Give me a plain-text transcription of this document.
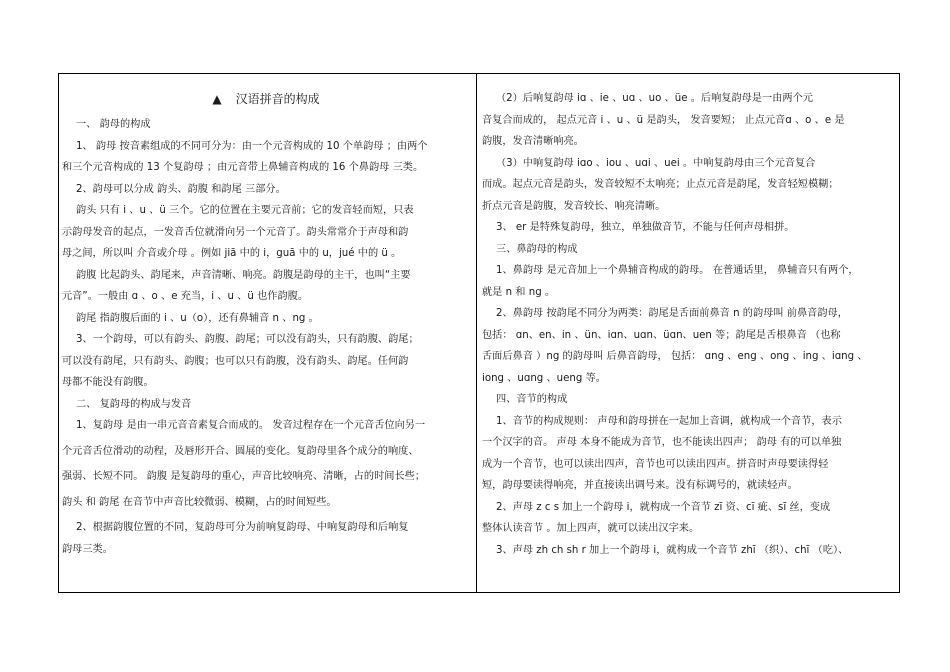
▲ 汉语拼音的构成
一、 韵母的构成
1、 韵母 按音素组成的不同可分为：由一个元音构成的 10 个单韵母 ；由两个
和三个元音构成的 13 个复韵母 ；由元音带上鼻辅音构成的 16 个鼻韵母 三类。
2、韵母可以分成 韵头、韵腹 和韵尾 三部分。
韵头 只有 i 、u 、ü 三个。它的位置在主要元音前；它的发音轻而短，只表
示韵母发音的起点，一发音舌位就滑向另一个元音了。韵头常常介于声母和韵
母之间，所以叫 介音或介母 。例如 jiā 中的 i，guā 中的 u，jué 中的 ü 。
韵腹 比起韵头、韵尾来，声音清晰、响亮。韵腹是韵母的主干，也叫“主要
元音”。一般由 ɑ 、o 、e 充当，i 、u 、ü 也作韵腹。
韵尾 指韵腹后面的 i 、u（o），还有鼻辅音 n 、ng 。
3、一个韵母，可以有韵头、韵腹、韵尾；可以没有韵头，只有韵腹、韵尾；
可以没有韵尾，只有韵头、韵腹；也可以只有韵腹，没有韵头、韵尾。任何韵
母都不能没有韵腹。
二、 复韵母的构成与发音
1、复韵母 是由一串元音音素复合而成的。 发音过程存在一个元音舌位向另一
个元音舌位滑动的动程，及唇形开合、圆展的变化。复韵母里各个成分的响度、
强弱、长短不同。 韵腹 是复韵母的重心，声音比较响亮、清晰，占的时间长些；
韵头 和 韵尾 在音节中声音比较微弱、模糊，占的时间短些。
2、根据韵腹位置的不同，复韵母可分为前响复韵母、中响复韵母和后响复
韵母三类。
（2）后响复韵母 iɑ 、ie 、uɑ 、uo 、üe 。后响复韵母是一由两个元
音复合而成的， 起点元音 i 、u 、ü 是韵头， 发音要短； 止点元音ɑ 、o 、e 是
韵腹，发音清晰响亮。
（3）中响复韵母 iɑo 、iou 、uɑi 、uei 。中响复韵母由三个元音复合
而成。起点元音是韵头，发音较短不太响亮；止点元音是韵尾，发音轻短模糊；
折点元音是韵腹，发音较长、响亮清晰。
3、 er 是特殊复韵母，独立，单独做音节，不能与任何声母相拼。
三、鼻韵母的构成
1、鼻韵母 是元音加上一个鼻辅音构成的韵母。 在普通话里， 鼻辅音只有两个，
就是 n 和 ng 。
2、鼻韵母 按韵尾不同分为两类：韵尾是舌面前鼻音 n 的韵母叫 前鼻音韵母，
包括： ɑn、en、in 、ün、iɑn、uɑn、üɑn、uen 等；韵尾是舌根鼻音 （也称
舌面后鼻音 ）ng 的韵母叫 后鼻音韵母， 包括： ɑng 、eng 、ong 、ing 、iɑng 、
iong 、uɑng 、ueng 等。
四、音节的构成
1、音节的构成规则： 声母和韵母拼在一起加上音调，就构成一个音节，表示
一个汉字的音。 声母 本身不能成为音节，也不能读出四声； 韵母 有的可以单独
成为一个音节，也可以读出四声，音节也可以读出四声。拼音时声母要读得轻
短，韵母要读得响亮，并直接读出调号来。没有标调号的，就读轻声。
2、声母 z c s 加上一个韵母 i，就构成一个音节 zī 资、cī 疵、sī 丝，变成
整体认读音节 。加上四声，就可以读出汉字来。
3、声母 zh ch sh r 加上一个韵母 i，就构成一个音节 zhī （织）、chī （吃）、
